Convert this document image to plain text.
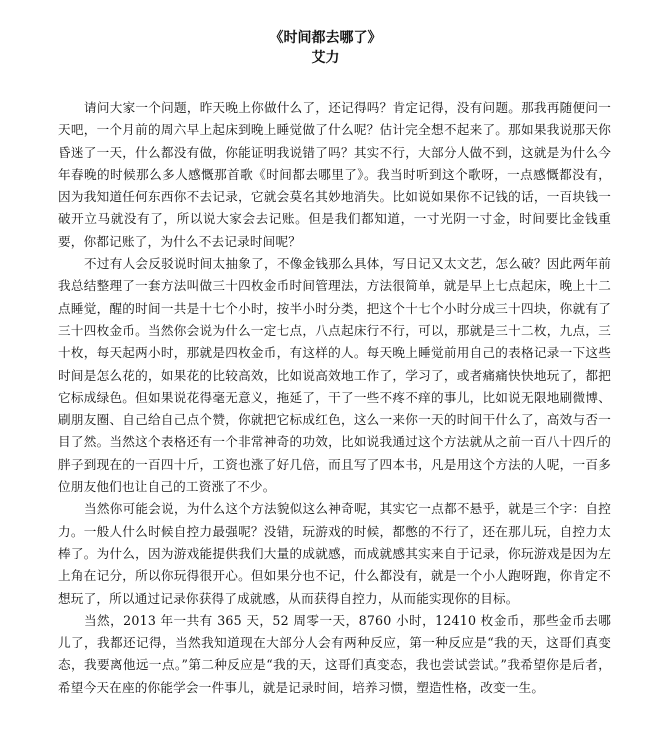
《时间都去哪了》
艾力

请问大家一个问题，昨天晚上你做什么了，还记得吗？肯定记得，没有问题。那我再随便问一天吧，一个月前的周六早上起床到晚上睡觉做了什么呢？估计完全想不起来了。那如果我说那天你昏迷了一天，什么都没有做，你能证明我说错了吗？其实不行，大部分人做不到，这就是为什么今年春晚的时候那么多人感慨那首歌《时间都去哪里了》。我当时听到这个歌呀，一点感慨都没有，因为我知道任何东西你不去记录，它就会莫名其妙地消失。比如说如果你不记钱的话，一百块钱一破开立马就没有了，所以说大家会去记账。但是我们都知道，一寸光阴一寸金，时间要比金钱重要，你都记账了，为什么不去记录时间呢？

不过有人会反驳说时间太抽象了，不像金钱那么具体，写日记又太文艺，怎么破？因此两年前我总结整理了一套方法叫做三十四枚金币时间管理法，方法很简单，就是早上七点起床，晚上十二点睡觉，醒的时间一共是十七个小时，按半小时分类，把这个十七个小时分成三十四块，你就有了三十四枚金币。当然你会说为什么一定七点，八点起床行不行，可以，那就是三十二枚，九点，三十枚，每天起两小时，那就是四枚金币，有这样的人。每天晚上睡觉前用自己的表格记录一下这些时间是怎么花的，如果花的比较高效，比如说高效地工作了，学习了，或者痛痛快快地玩了，都把它标成绿色。但如果说花得毫无意义，拖延了，干了一些不疼不痒的事儿，比如说无限地刷微博、刷朋友圈、自己给自己点个赞，你就把它标成红色，这么一来你一天的时间干什么了，高效与否一目了然。当然这个表格还有一个非常神奇的功效，比如说我通过这个方法就从之前一百八十四斤的胖子到现在的一百四十斤，工资也涨了好几倍，而且写了四本书，凡是用这个方法的人呢，一百多位朋友他们也让自己的工资涨了不少。

当然你可能会说，为什么这个方法貌似这么神奇呢，其实它一点都不悬乎，就是三个字：自控力。一般人什么时候自控力最强呢？没错，玩游戏的时候，都憋的不行了，还在那儿玩，自控力太棒了。为什么，因为游戏能提供我们大量的成就感，而成就感其实来自于记录，你玩游戏是因为左上角在记分，所以你玩得很开心。但如果分也不记，什么都没有，就是一个小人跑呀跑，你肯定不想玩了，所以通过记录你获得了成就感，从而获得自控力，从而能实现你的目标。

当然，2013 年一共有 365 天，52 周零一天，8760 小时，12410 枚金币，那些金币去哪儿了，我都还记得，当然我知道现在大部分人会有两种反应，第一种反应是“我的天，这哥们真变态，我要离他远一点。”第二种反应是“我的天，这哥们真变态，我也尝试尝试。”我希望你是后者，希望今天在座的你能学会一件事儿，就是记录时间，培养习惯，塑造性格，改变一生。
